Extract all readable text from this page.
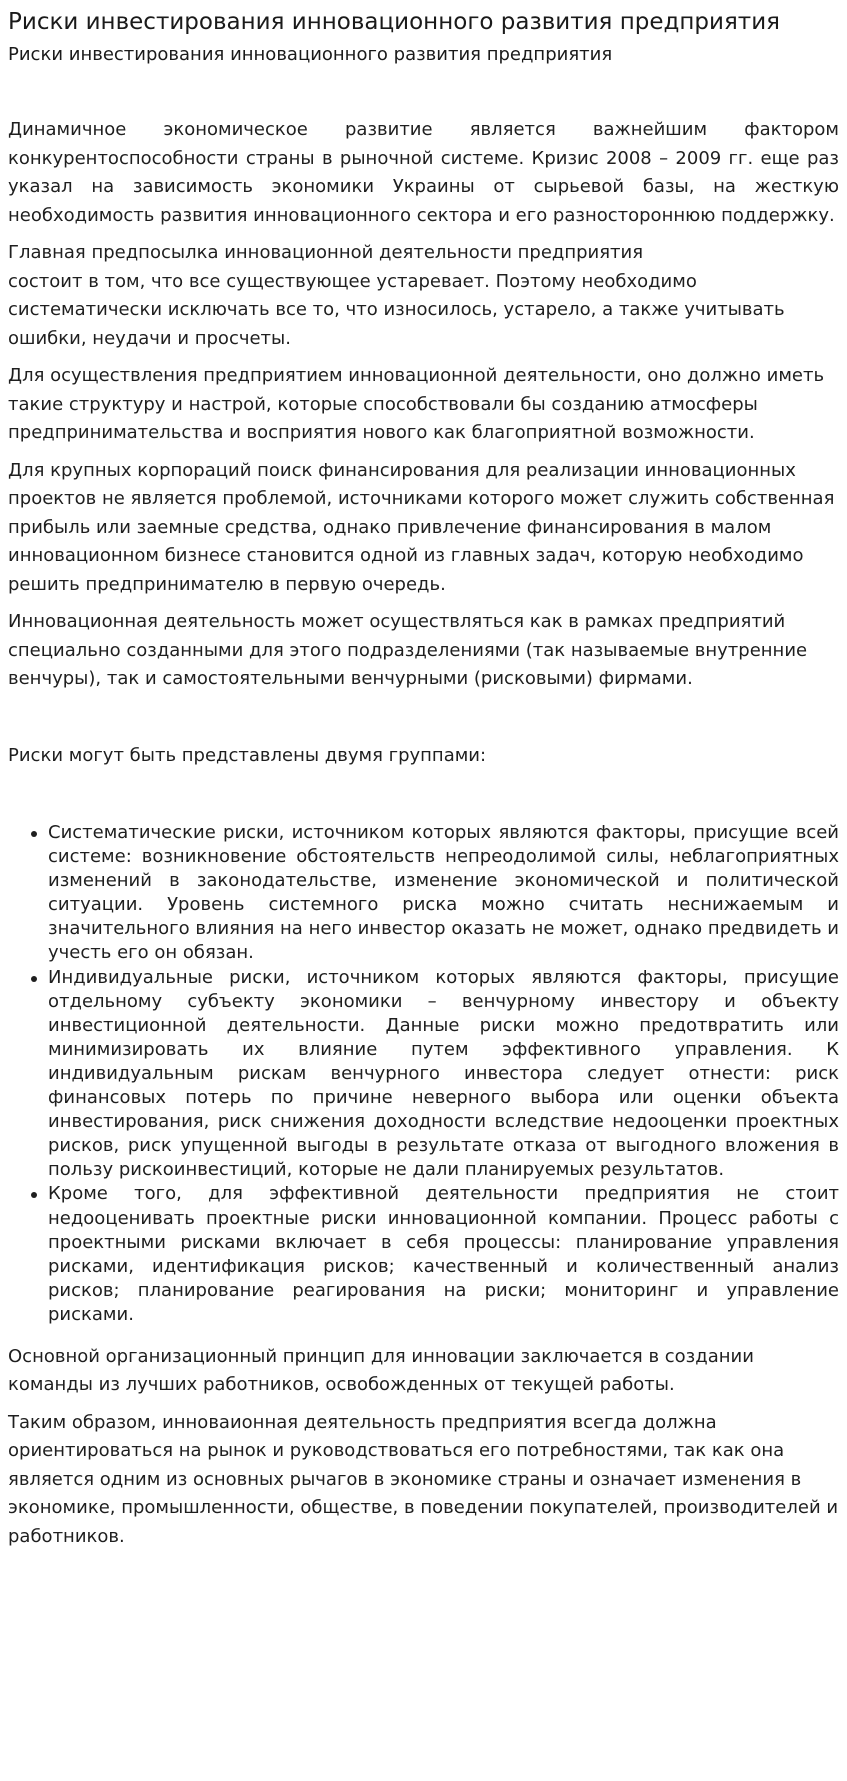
Риски инвестирования инновационного развития предприятия
Риски инвестирования инновационного развития предприятия

Динамичное экономическое развитие является важнейшим фактором конкурентоспособности страны в рыночной системе. Кризис 2008 – 2009 гг. еще раз указал на зависимость экономики Украины от сырьевой базы, на жесткую необходимость развития инновационного сектора и его разностороннюю поддержку.

Главная предпосылка инновационной деятельности предприятия

состоит в том, что все существующее устаревает. Поэтому необходимо систематически исключать все то, что износилось, устарело, а также учитывать ошибки, неудачи и просчеты.

Для осуществления предприятием инновационной деятельности, оно должно иметь такие структуру и настрой, которые способствовали бы созданию атмосферы предпринимательства и восприятия нового как благоприятной возможности.

Для крупных корпораций поиск финансирования для реализации инновационных проектов не является проблемой, источниками которого может служить собственная прибыль или заемные средства, однако привлечение финансирования в малом инновационном бизнесе становится одной из главных задач, которую необходимо решить предпринимателю в первую очередь.

Инновационная деятельность может осуществляться как в рамках предприятий специально созданными для этого подразделениями (так называемые внутренние венчуры), так и самостоятельными венчурными (рисковыми) фирмами.

Риски могут быть представлены двумя группами:

Систематические риски, источником которых являются факторы, присущие всей системе: возникновение обстоятельств непреодолимой силы, неблагоприятных изменений в законодательстве, изменение экономической и политической ситуации. Уровень системного риска можно считать неснижаемым и значительного влияния на него инвестор оказать не может, однако предвидеть и учесть его он обязан.
Индивидуальные риски, источником которых являются факторы, присущие отдельному субъекту экономики – венчурному инвестору и объекту инвестиционной деятельности. Данные риски можно предотвратить или минимизировать их влияние путем эффективного управления. К индивидуальным рискам венчурного инвестора следует отнести: риск финансовых потерь по причине неверного выбора или оценки объекта инвестирования, риск снижения доходности вследствие недооценки проектных рисков, риск упущенной выгоды в результате отказа от выгодного вложения в пользу рискоинвестиций, которые не дали планируемых результатов.
Кроме того, для эффективной деятельности предприятия не стоит недооценивать проектные риски инновационной компании. Процесс работы с проектными рисками включает в себя процессы: планирование управления рисками, идентификация рисков; качественный и количественный анализ рисков; планирование реагирования на риски; мониторинг и управление рисками.

Основной организационный принцип для инновации заключается в создании команды из лучших работников, освобожденных от текущей работы.

Таким образом, инноваионная деятельность предприятия всегда должна ориентироваться на рынок и руководствоваться его потребностями, так как она является одним из основных рычагов в экономике страны и означает изменения в экономике, промышленности, обществе, в поведении покупателей, производителей и работников.
